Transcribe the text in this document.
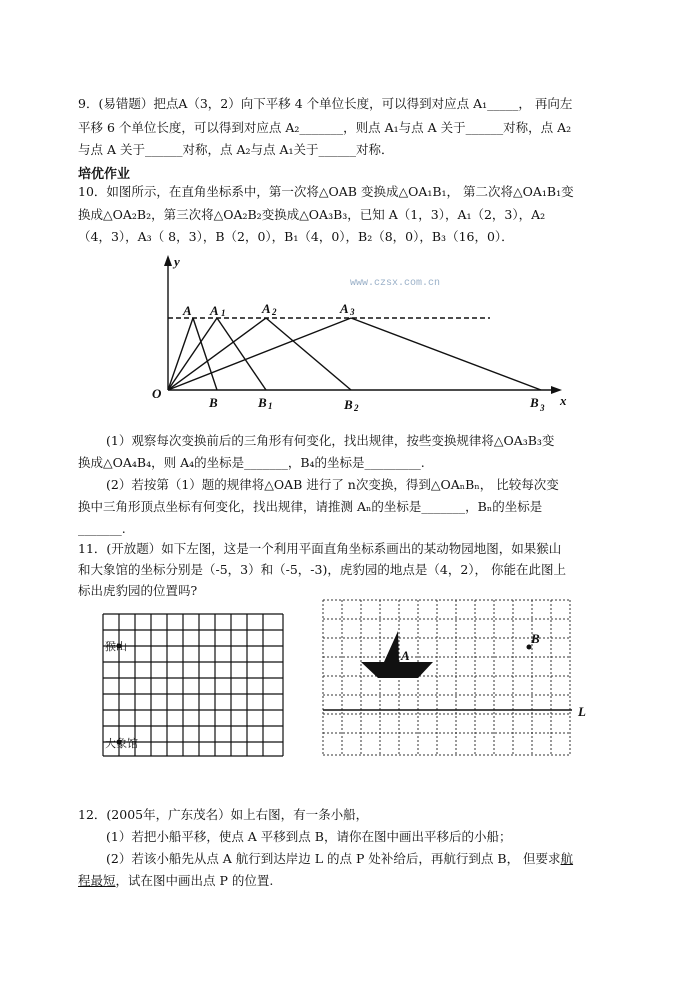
9．(易错题）把点A（3，2）向下平移 4 个单位长度，可以得到对应点 A₁_____， 再向左
平移 6 个单位长度，可以得到对应点 A₂_______，则点 A₁与点 A 关于______对称，点 A₂
与点 A 关于______对称，点 A₂与点 A₁关于______对称．
培优作业
10．如图所示，在直角坐标系中，第一次将△OAB 变换成△OA₁B₁， 第二次将△OA₁B₁变
换成△OA₂B₂，第三次将△OA₂B₂变换成△OA₃B₃，已知 A（1，3），A₁（2，3），A₂
（4，3），A₃（ 8，3），B（2，0），B₁（4，0），B₂（8，0），B₃（16，0）．
www.czsx.com.cn
y
x
O
A A 1	A 2	A 3
B	B 1	B 2	B 3
(1）观察每次变换前后的三角形有何变化，找出规律，按些变换规律将△OA₃B₃变
换成△OA₄B₄，则 A₄的坐标是_______，B₄的坐标是_________.
(2）若按第（1）题的规律将△OAB 进行了 n次变换，得到△OAₙBₙ， 比较每次变
换中三角形顶点坐标有何变化，找出规律，请推测 Aₙ的坐标是_______，Bₙ的坐标是
_______.
11．(开放题）如下左图，这是一个利用平面直角坐标系画出的某动物园地图，如果猴山
和大象馆的坐标分别是（-5，3）和（-5，-3)，虎豹园的地点是（4，2）， 你能在此图上
标出虎豹园的位置吗?
猴山
大象馆
A
B
L
12．(2005年，广东茂名）如上右图，有一条小船，
(1）若把小船平移，使点 A 平移到点 B，请你在图中画出平移后的小船；
(2）若该小船先从点 A 航行到达岸边 L 的点 P 处补给后，再航行到点 B， 但要求航
程最短，试在图中画出点 P 的位置.
